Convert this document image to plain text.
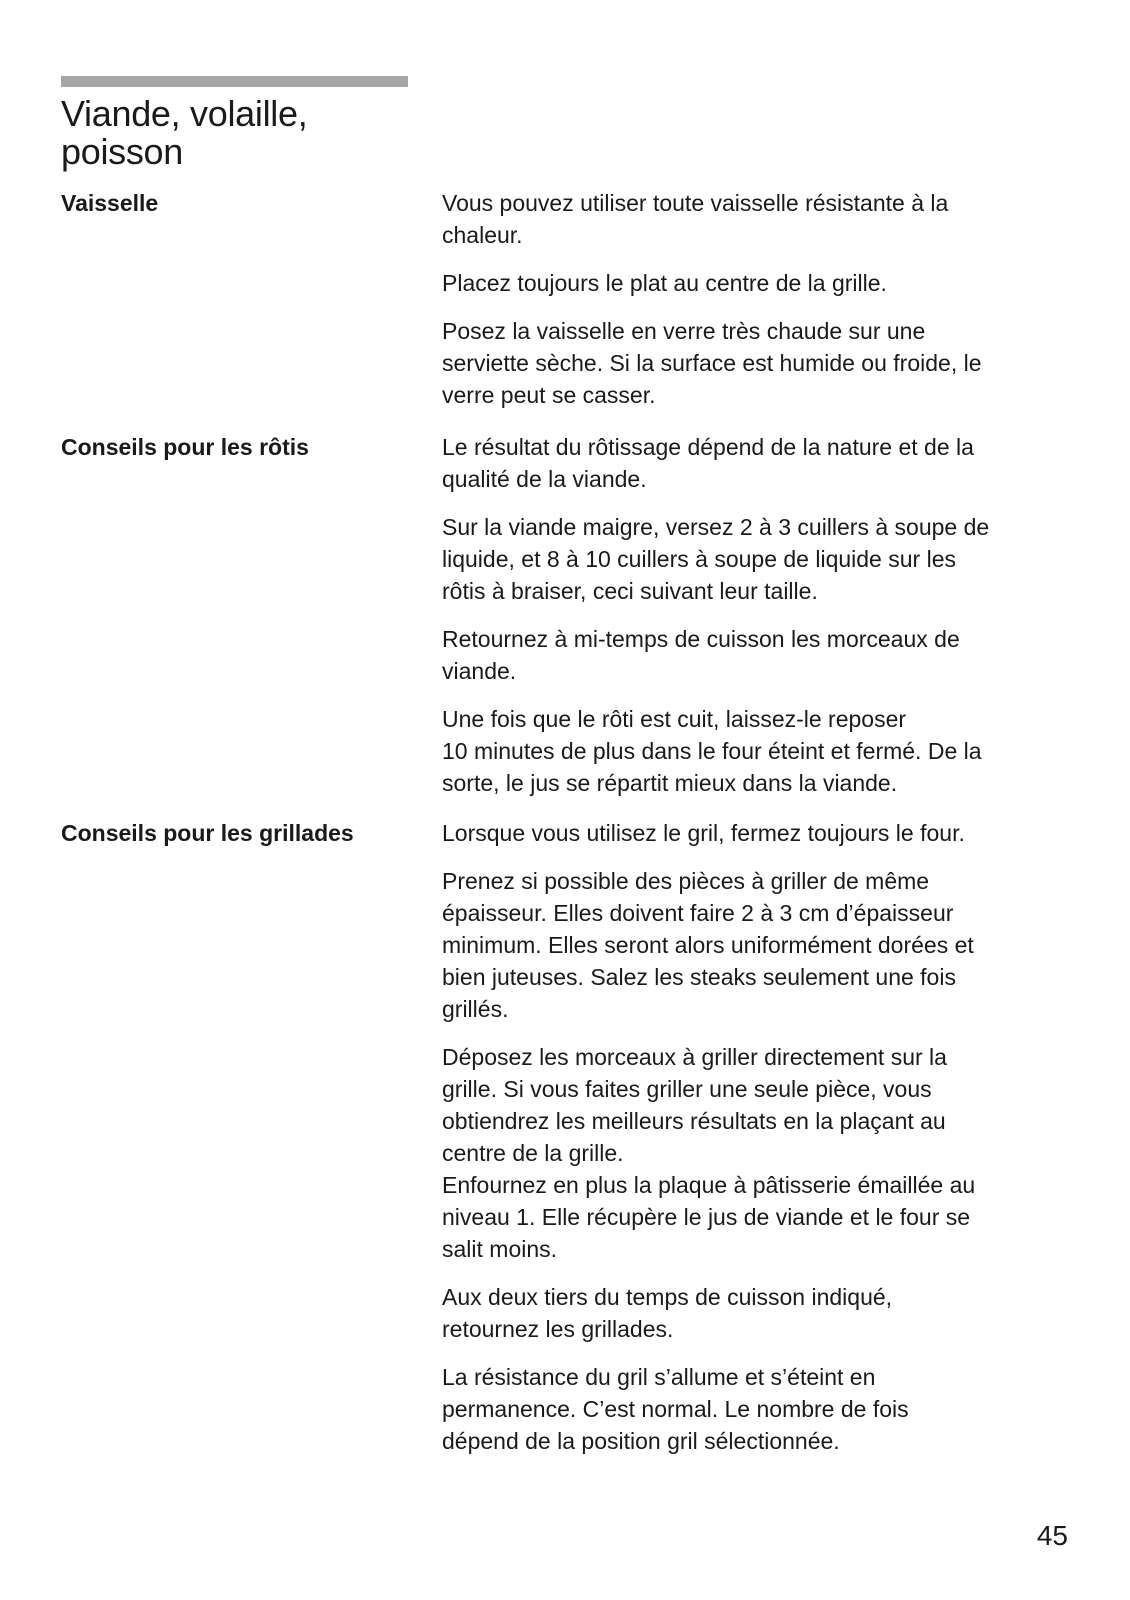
Viande, volaille,
poisson
Vaisselle	Vous pouvez utiliser toute vaisselle résistante à la
chaleur.

Placez toujours le plat au centre de la grille.

Posez la vaisselle en verre très chaude sur une
serviette sèche. Si la surface est humide ou froide, le
verre peut se casser.

Conseils pour les rôtis	Le résultat du rôtissage dépend de la nature et de la
qualité de la viande.

Sur la viande maigre, versez 2 à 3 cuillers à soupe de
liquide, et 8 à 10 cuillers à soupe de liquide sur les
rôtis à braiser, ceci suivant leur taille.

Retournez à mi-temps de cuisson les morceaux de
viande.

Une fois que le rôti est cuit, laissez-le reposer
10 minutes de plus dans le four éteint et fermé. De la
sorte, le jus se répartit mieux dans la viande.

Conseils pour les grillades	Lorsque vous utilisez le gril, fermez toujours le four.

Prenez si possible des pièces à griller de même
épaisseur. Elles doivent faire 2 à 3 cm d’épaisseur
minimum. Elles seront alors uniformément dorées et
bien juteuses. Salez les steaks seulement une fois
grillés.

Déposez les morceaux à griller directement sur la
grille. Si vous faites griller une seule pièce, vous
obtiendrez les meilleurs résultats en la plaçant au
centre de la grille.
Enfournez en plus la plaque à pâtisserie émaillée au
niveau 1. Elle récupère le jus de viande et le four se
salit moins.

Aux deux tiers du temps de cuisson indiqué,
retournez les grillades.

La résistance du gril s’allume et s’éteint en
permanence. C’est normal. Le nombre de fois
dépend de la position gril sélectionnée.

45
